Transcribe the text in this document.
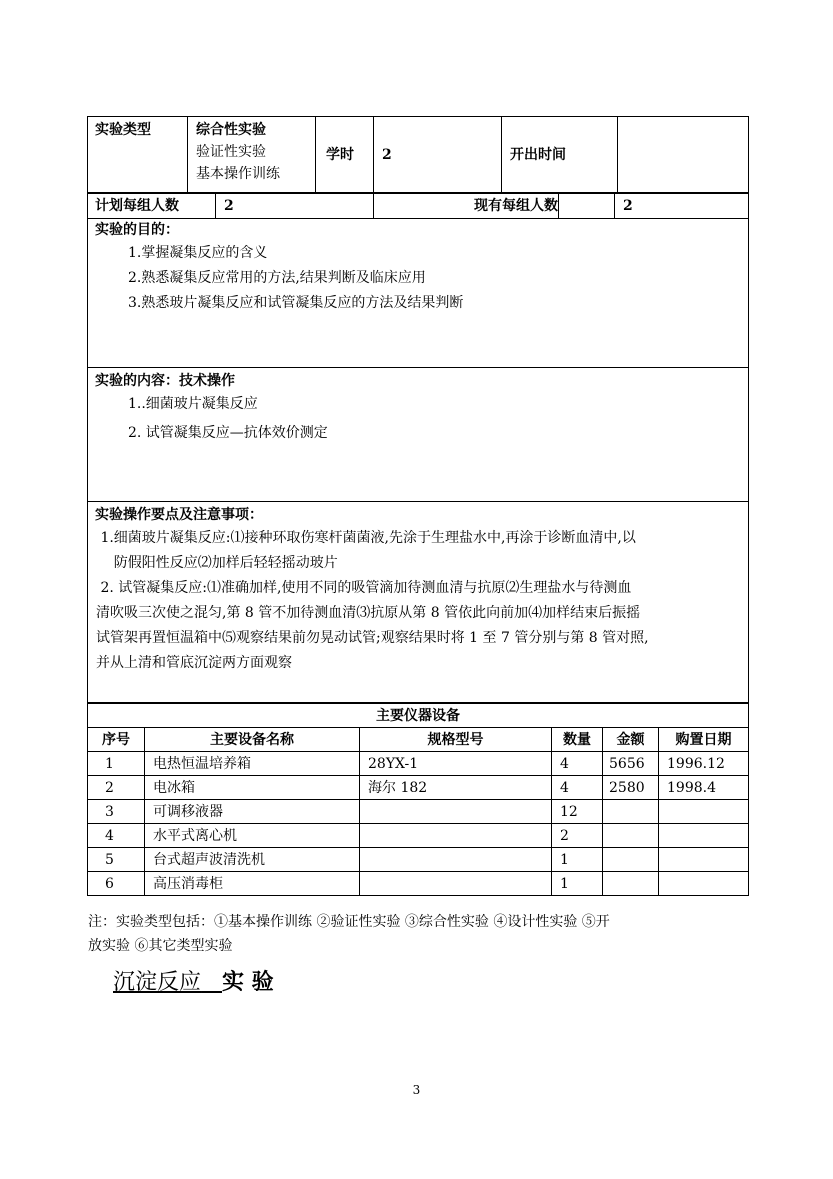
实验类型	综合性实验
验证性实验
基本操作训练
	学时	2	开出时间	
计划每组人数	2	现有每组人数		2
实验的目的：
1.掌握凝集反应的含义
2.熟悉凝集反应常用的方法,结果判断及临床应用
3.熟悉玻片凝集反应和试管凝集反应的方法及结果判断
实验的内容：技术操作
1..细菌玻片凝集反应
2. 试管凝集反应—抗体效价测定
实验操作要点及注意事项：
1.细菌玻片凝集反应:⑴接种环取伤寒杆菌菌液,先涂于生理盐水中,再涂于诊断血清中,以
防假阳性反应⑵加样后轻轻摇动玻片
2. 试管凝集反应:⑴准确加样,使用不同的吸管滴加待测血清与抗原⑵生理盐水与待测血
清吹吸三次使之混匀,第 8 管不加待测血清⑶抗原从第 8 管依此向前加⑷加样结束后振摇
试管架再置恒温箱中⑸观察结果前勿晃动试管;观察结果时将 1 至 7 管分别与第 8 管对照,
并从上清和管底沉淀两方面观察
主要仪器设备					
序号	主要设备名称	规格型号	数量	金额	购置日期
1	电热恒温培养箱	28YX-1	4	5656	1996.12
2	电冰箱	海尔 182	4	2580	1998.4
3	可调移液器		12		
4	水平式离心机		2		
5	台式超声波清洗机		1		
6	高压消毒柜		1		
注：实验类型包括：①基本操作训练 ②验证性实验 ③综合性实验 ④设计性实验 ⑤开
放实验 ⑥其它类型实验
沉淀反应 实 验
3
